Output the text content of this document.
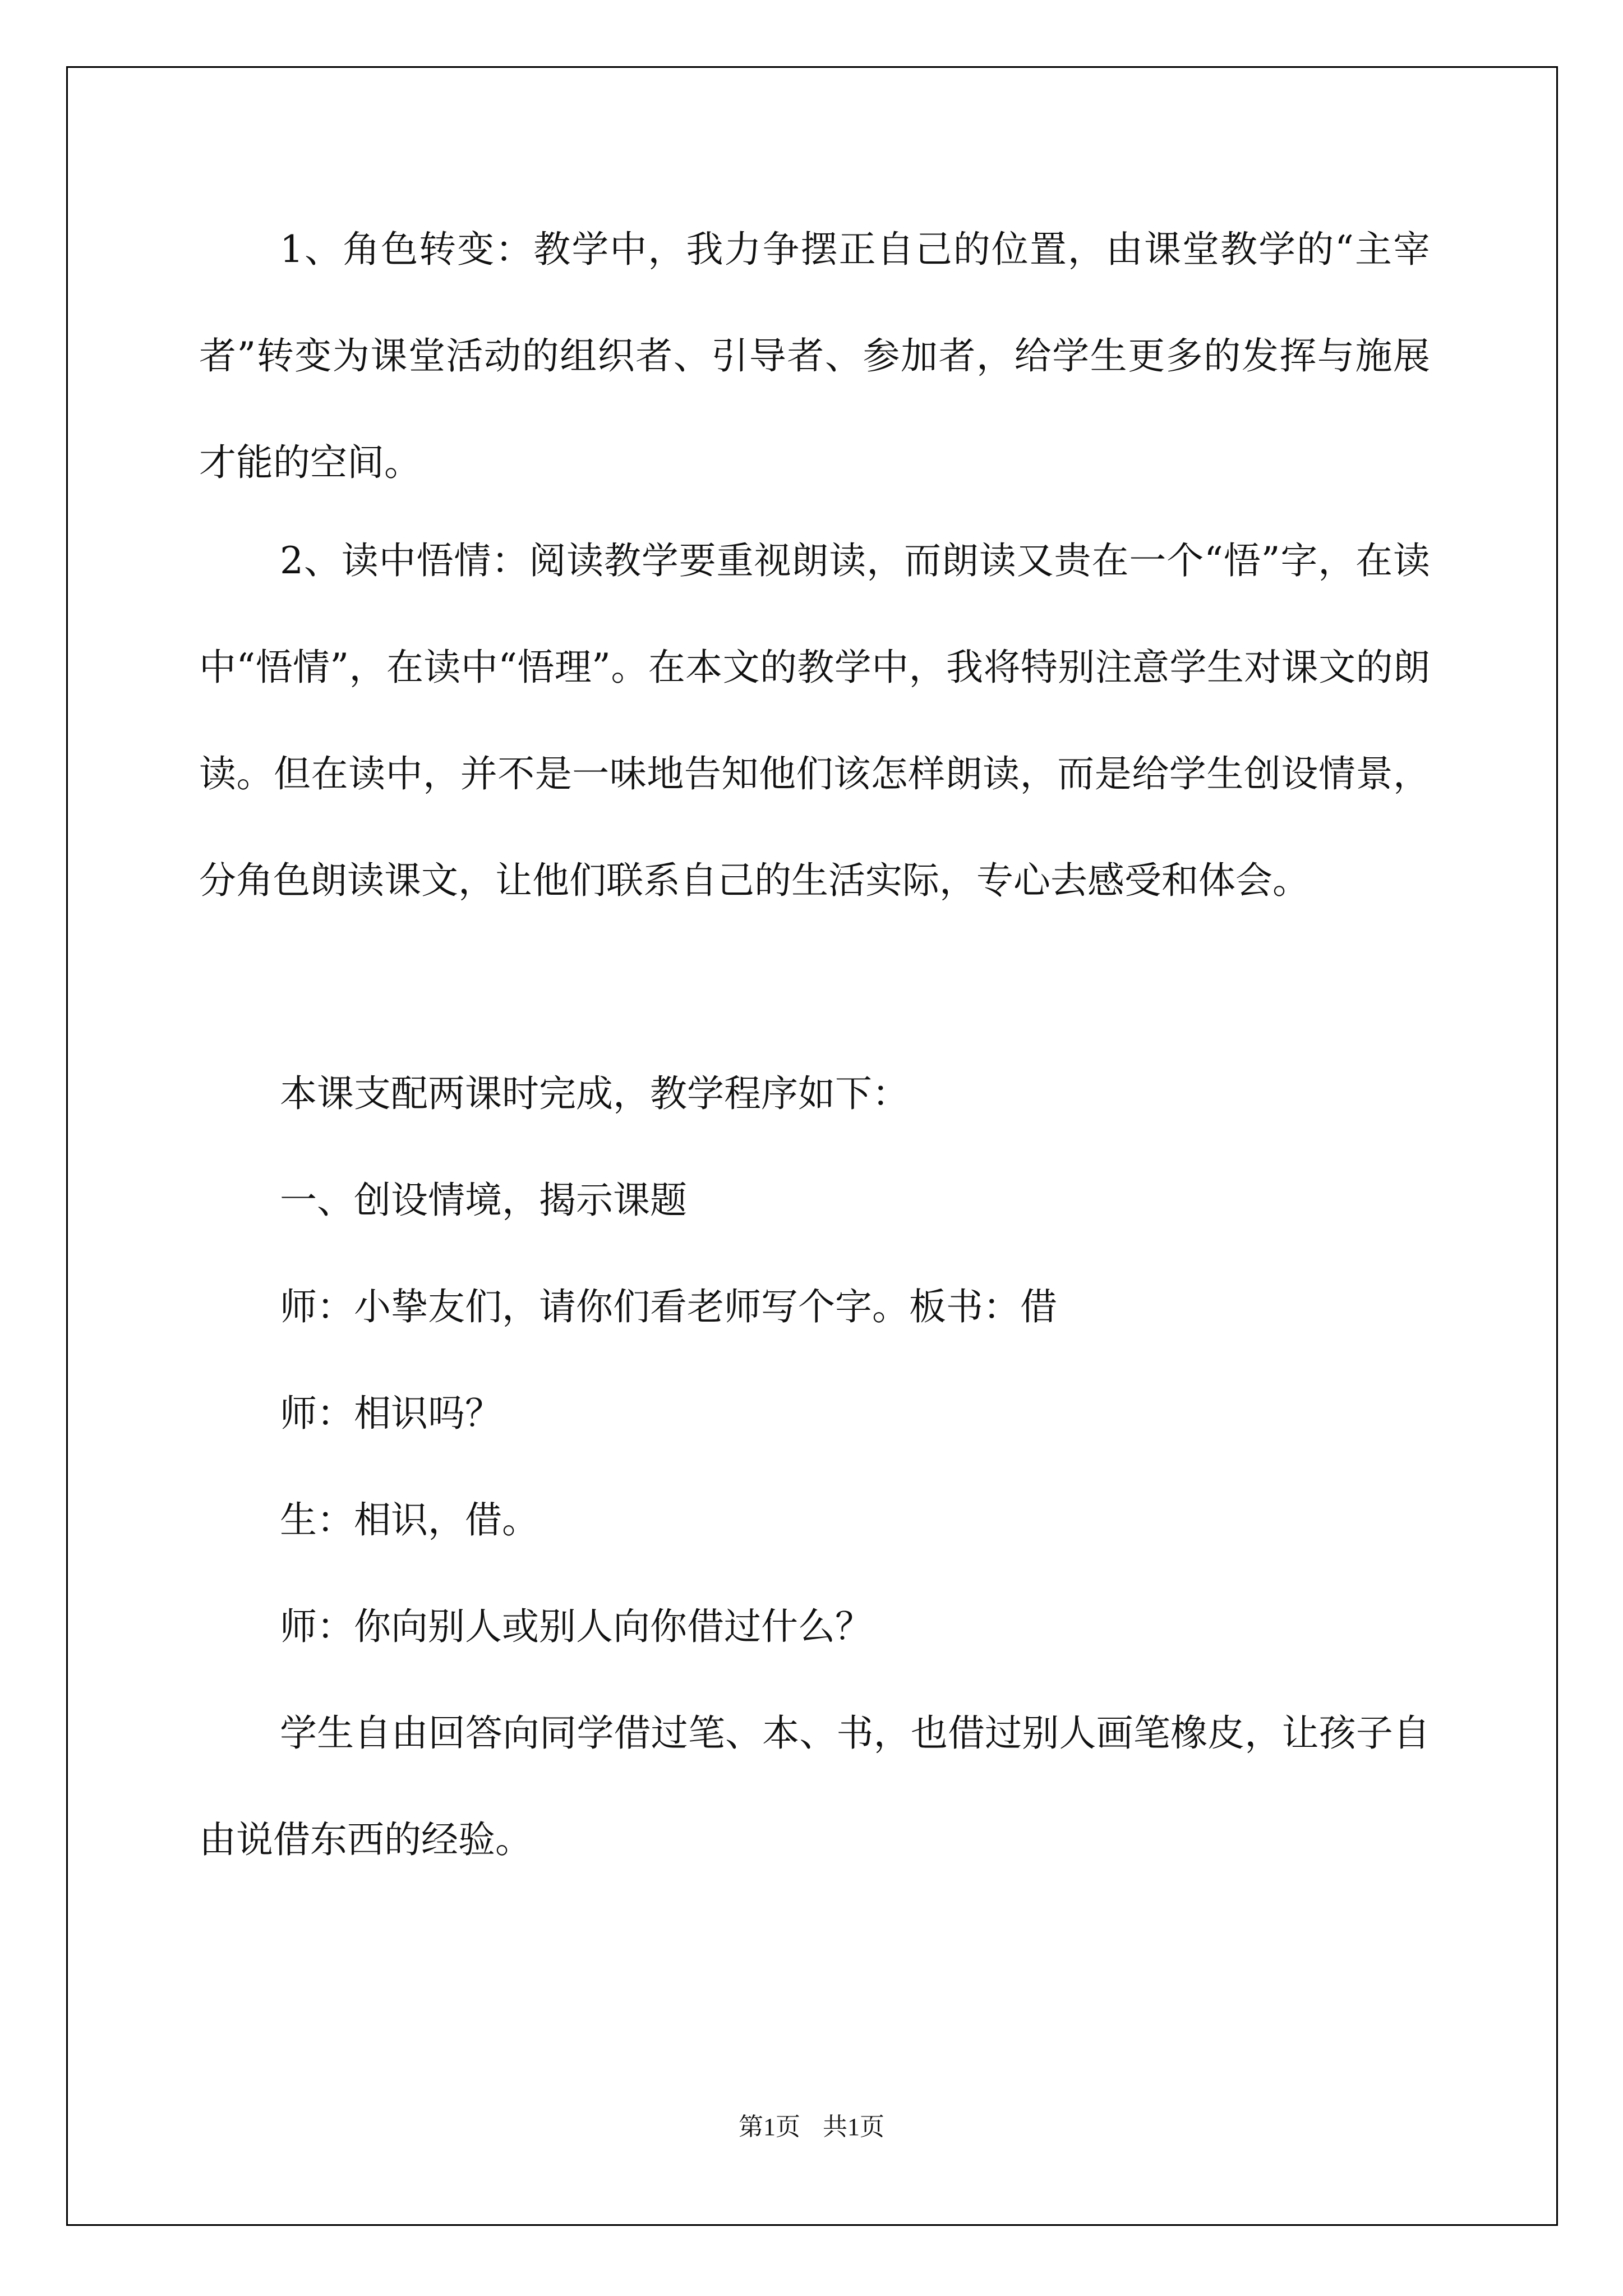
1、角色转变：教学中，我力争摆正自己的位置，由课堂教学的“主宰者”转变为课堂活动的组织者、引导者、参加者，给学生更多的发挥与施展才能的空间。

2、读中悟情：阅读教学要重视朗读，而朗读又贵在一个“悟”字，在读中“悟情”，在读中“悟理”。在本文的教学中，我将特别注意学生对课文的朗读。但在读中，并不是一味地告知他们该怎样朗读，而是给学生创设情景，分角色朗读课文，让他们联系自己的生活实际，专心去感受和体会。

本课支配两课时完成，教学程序如下：

一、创设情境，揭示课题

师：小挚友们，请你们看老师写个字。板书：借

师：相识吗？

生：相识，借。

师：你向别人或别人向你借过什么？

学生自由回答向同学借过笔、本、书，也借过别人画笔橡皮，让孩子自由说借东西的经验。

第1页 共1页
